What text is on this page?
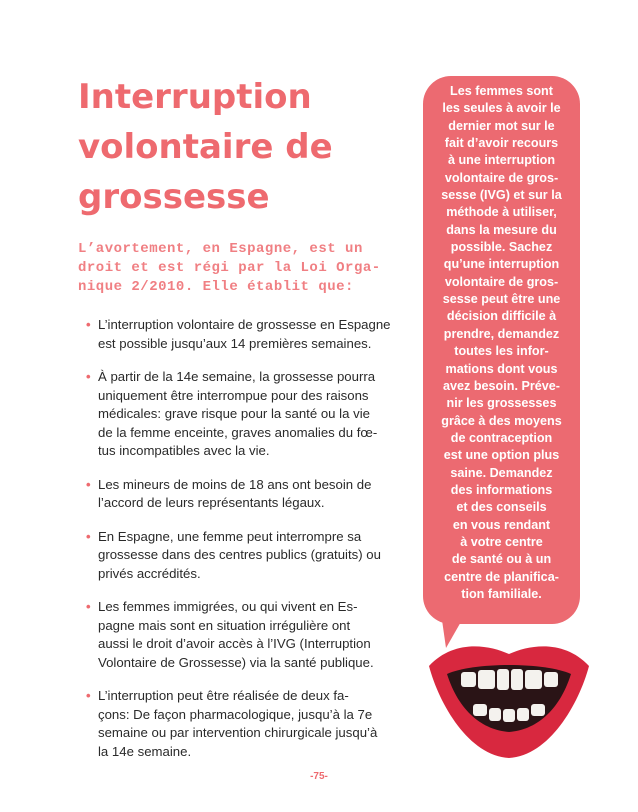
Interruption
volontaire de
grossesse

L’avortement, en Espagne, est un
droit et est régi par la Loi Orga-
nique 2/2010. Elle établit que:

• L’interruption volontaire de grossesse en Espagne
est possible jusqu’aux 14 premières semaines.
• À partir de la 14e semaine, la grossesse pourra
uniquement être interrompue pour des raisons
médicales: grave risque pour la santé ou la vie
de la femme enceinte, graves anomalies du fœ-
tus incompatibles avec la vie.
• Les mineurs de moins de 18 ans ont besoin de
l’accord de leurs représentants légaux.
• En Espagne, une femme peut interrompre sa
grossesse dans des centres publics (gratuits) ou
privés accrédités.
• Les femmes immigrées, ou qui vivent en Es-
pagne mais sont en situation irrégulière ont
aussi le droit d’avoir accès à l’IVG (Interruption
Volontaire de Grossesse) via la santé publique.
• L’interruption peut être réalisée de deux fa-
çons: De façon pharmacologique, jusqu’à la 7e
semaine ou par intervention chirurgicale jusqu’à
la 14e semaine.

Les femmes sont
les seules à avoir le
dernier mot sur le
fait d’avoir recours
à une interruption
volontaire de gros-
sesse (IVG) et sur la
méthode à utiliser,
dans la mesure du
possible. Sachez
qu’une interruption
volontaire de gros-
sesse peut être une
décision difficile à
prendre, demandez
toutes les infor-
mations dont vous
avez besoin. Préve-
nir les grossesses
grâce à des moyens
de contraception
est une option plus
saine. Demandez
des informations
et des conseils
en vous rendant
à votre centre
de santé ou à un
centre de planifica-
tion familiale.

-75-
